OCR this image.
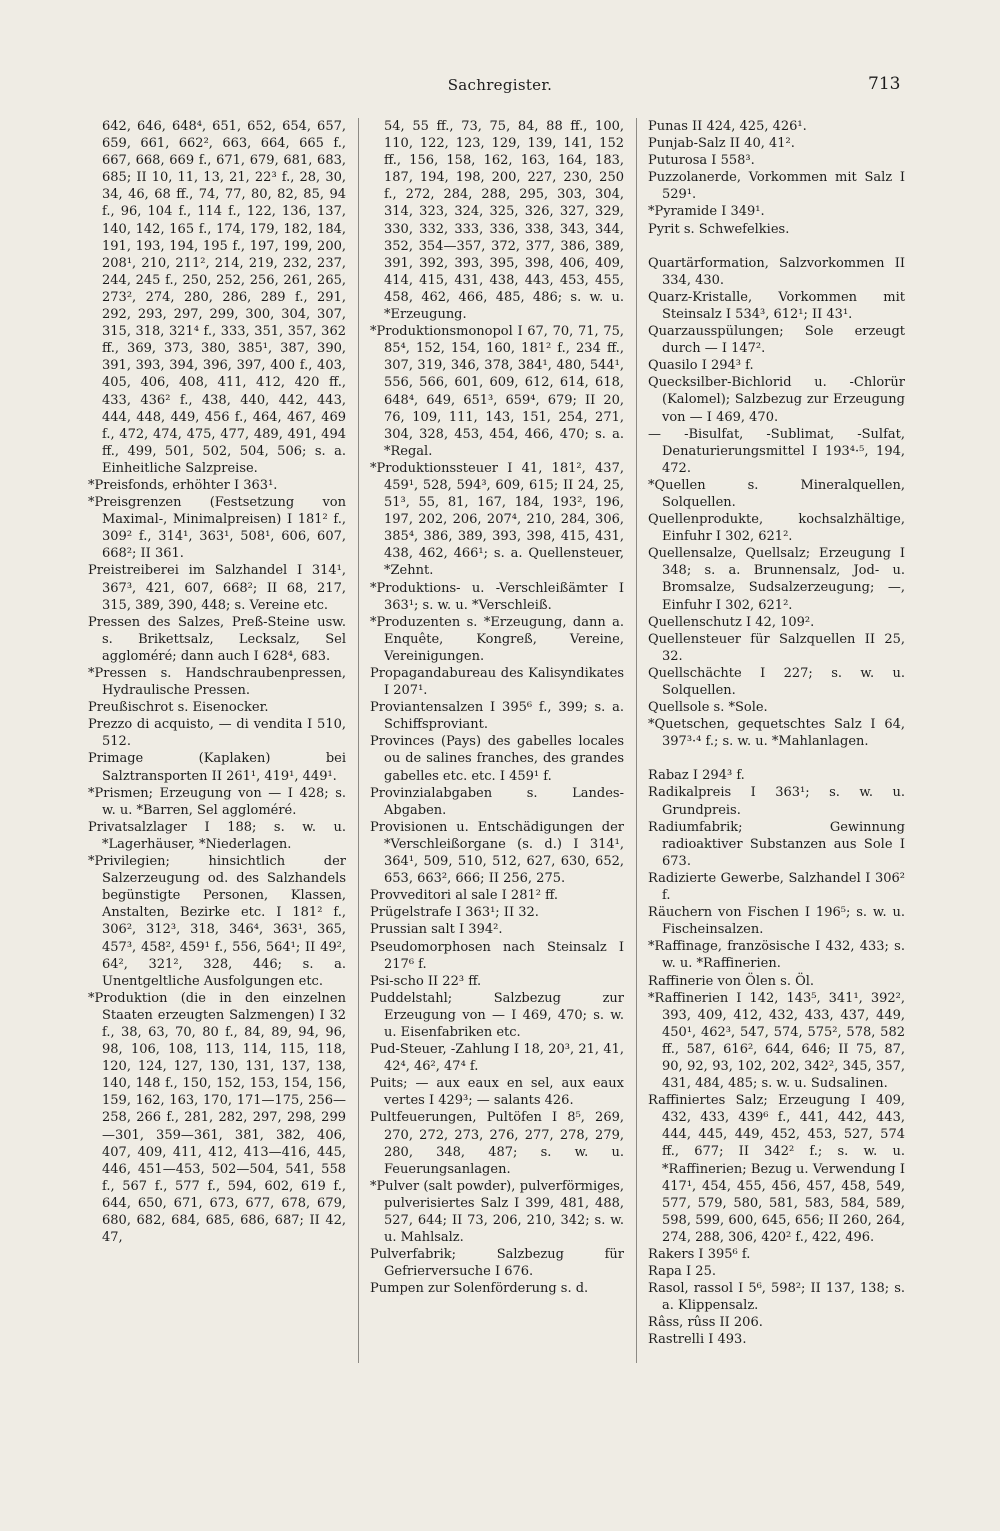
Sachregister.	713

642, 646, 648⁴, 651, 652, 654, 657, 659, 661, 662², 663, 664, 665 f., 667, 668, 669 f., 671, 679, 681, 683, 685; II 10, 11, 13, 21, 22³ f., 28, 30, 34, 46, 68 ff., 74, 77, 80, 82, 85, 94 f., 96, 104 f., 114 f., 122, 136, 137, 140, 142, 165 f., 174, 179, 182, 184, 191, 193, 194, 195 f., 197, 199, 200, 208¹, 210, 211², 214, 219, 232, 237, 244, 245 f., 250, 252, 256, 261, 265, 273², 274, 280, 286, 289 f., 291, 292, 293, 297, 299, 300, 304, 307, 315, 318, 321⁴ f., 333, 351, 357, 362 ff., 369, 373, 380, 385¹, 387, 390, 391, 393, 394, 396, 397, 400 f., 403, 405, 406, 408, 411, 412, 420 ff., 433, 436² f., 438, 440, 442, 443, 444, 448, 449, 456 f., 464, 467, 469 f., 472, 474, 475, 477, 489, 491, 494 ff., 499, 501, 502, 504, 506; s. a. Einheitliche Salzpreise.

*Preisfonds, erhöhter I 363¹.

*Preisgrenzen (Festsetzung von Maximal-, Minimalpreisen) I 181² f., 309² f., 314¹, 363¹, 508¹, 606, 607, 668²; II 361.

Preistreiberei im Salzhandel I 314¹, 367³, 421, 607, 668²; II 68, 217, 315, 389, 390, 448; s. Vereine etc.

Pressen des Salzes, Preß-Steine usw. s. Brikettsalz, Lecksalz, Sel aggloméré; dann auch I 628⁴, 683.

*Pressen s. Handschraubenpressen, Hydraulische Pressen.

Preußischrot s. Eisenocker.

Prezzo di acquisto, — di vendita I 510, 512.

Primage (Kaplaken) bei Salztransporten II 261¹, 419¹, 449¹.

*Prismen; Erzeugung von — I 428; s. w. u. *Barren, Sel aggloméré.

Privatsalzlager I 188; s. w. u. *Lagerhäuser, *Niederlagen.

*Privilegien; hinsichtlich der Salzerzeugung od. des Salzhandels begünstigte Personen, Klassen, Anstalten, Bezirke etc. I 181² f., 306², 312³, 318, 346⁴, 363¹, 365, 457³, 458², 459¹ f., 556, 564¹; II 49², 64², 321², 328, 446; s. a. Unentgeltliche Ausfolgungen etc.

*Produktion (die in den einzelnen Staaten erzeugten Salzmengen) I 32 f., 38, 63, 70, 80 f., 84, 89, 94, 96, 98, 106, 108, 113, 114, 115, 118, 120, 124, 127, 130, 131, 137, 138, 140, 148 f., 150, 152, 153, 154, 156, 159, 162, 163, 170, 171—175, 256—258, 266 f., 281, 282, 297, 298, 299—301, 359—361, 381, 382, 406, 407, 409, 411, 412, 413—416, 445, 446, 451—453, 502—504, 541, 558 f., 567 f., 577 f., 594, 602, 619 f., 644, 650, 671, 673, 677, 678, 679, 680, 682, 684, 685, 686, 687; II 42, 47,

54, 55 ff., 73, 75, 84, 88 ff., 100, 110, 122, 123, 129, 139, 141, 152 ff., 156, 158, 162, 163, 164, 183, 187, 194, 198, 200, 227, 230, 250 f., 272, 284, 288, 295, 303, 304, 314, 323, 324, 325, 326, 327, 329, 330, 332, 333, 336, 338, 343, 344, 352, 354—357, 372, 377, 386, 389, 391, 392, 393, 395, 398, 406, 409, 414, 415, 431, 438, 443, 453, 455, 458, 462, 466, 485, 486; s. w. u. *Erzeugung.

*Produktionsmonopol I 67, 70, 71, 75, 85⁴, 152, 154, 160, 181² f., 234 ff., 307, 319, 346, 378, 384¹, 480, 544¹, 556, 566, 601, 609, 612, 614, 618, 648⁴, 649, 651³, 659⁴, 679; II 20, 76, 109, 111, 143, 151, 254, 271, 304, 328, 453, 454, 466, 470; s. a. *Regal.

*Produktionssteuer I 41, 181², 437, 459¹, 528, 594³, 609, 615; II 24, 25, 51³, 55, 81, 167, 184, 193², 196, 197, 202, 206, 207⁴, 210, 284, 306, 385⁴, 386, 389, 393, 398, 415, 431, 438, 462, 466¹; s. a. Quellensteuer, *Zehnt.

*Produktions- u. -Verschleißämter I 363¹; s. w. u. *Verschleiß.

*Produzenten s. *Erzeugung, dann a. Enquête, Kongreß, Vereine, Vereinigungen.

Propagandabureau des Kalisyndikates I 207¹.

Proviantensalzen I 395⁶ f., 399; s. a. Schiffsproviant.

Provinces (Pays) des gabelles locales ou de salines franches, des grandes gabelles etc. etc. I 459¹ f.

Provinzialabgaben s. Landes-Abgaben.

Provisionen u. Entschädigungen der *Verschleißorgane (s. d.) I 314¹, 364¹, 509, 510, 512, 627, 630, 652, 653, 663², 666; II 256, 275.

Provveditori al sale I 281² ff.

Prügelstrafe I 363¹; II 32.

Prussian salt I 394².

Pseudomorphosen nach Steinsalz I 217⁶ f.

Psi-scho II 22³ ff.

Puddelstahl; Salzbezug zur Erzeugung von — I 469, 470; s. w. u. Eisenfabriken etc.

Pud-Steuer, -Zahlung I 18, 20³, 21, 41, 42⁴, 46², 47⁴ f.

Puits; — aux eaux en sel, aux eaux vertes I 429³; — salants 426.

Pultfeuerungen, Pultöfen I 8⁵, 269, 270, 272, 273, 276, 277, 278, 279, 280, 348, 487; s. w. u. Feuerungsanlagen.

*Pulver (salt powder), pulverförmiges, pulverisiertes Salz I 399, 481, 488, 527, 644; II 73, 206, 210, 342; s. w. u. Mahlsalz.

Pulverfabrik; Salzbezug für Gefrierversuche I 676.

Pumpen zur Solenförderung s. d.

Punas II 424, 425, 426¹.

Punjab-Salz II 40, 41².

Puturosa I 558³.

Puzzolanerde, Vorkommen mit Salz I 529¹.

*Pyramide I 349¹.

Pyrit s. Schwefelkies.

Quartärformation, Salzvorkommen II 334, 430.

Quarz-Kristalle, Vorkommen mit Steinsalz I 534³, 612¹; II 43¹.

Quarzausspülungen; Sole erzeugt durch — I 147².

Quasilo I 294³ f.

Quecksilber-Bichlorid u. -Chlorür (Kalomel); Salzbezug zur Erzeugung von — I 469, 470.

— -Bisulfat, -Sublimat, -Sulfat, Denaturierungsmittel I 193⁴·⁵, 194, 472.

*Quellen s. Mineralquellen, Solquellen.

Quellenprodukte, kochsalzhältige, Einfuhr I 302, 621².

Quellensalze, Quellsalz; Erzeugung I 348; s. a. Brunnensalz, Jod- u. Bromsalze, Sudsalzerzeugung; —, Einfuhr I 302, 621².

Quellenschutz I 42, 109².

Quellensteuer für Salzquellen II 25, 32.

Quellschächte I 227; s. w. u. Solquellen.

Quellsole s. *Sole.

*Quetschen, gequetschtes Salz I 64, 397³·⁴ f.; s. w. u. *Mahlanlagen.

Rabaz I 294³ f.

Radikalpreis I 363¹; s. w. u. Grundpreis.

Radiumfabrik; Gewinnung radioaktiver Substanzen aus Sole I 673.

Radizierte Gewerbe, Salzhandel I 306² f.

Räuchern von Fischen I 196⁵; s. w. u. Fischeinsalzen.

*Raffinage, französische I 432, 433; s. w. u. *Raffinerien.

Raffinerie von Ölen s. Öl.

*Raffinerien I 142, 143⁵, 341¹, 392², 393, 409, 412, 432, 433, 437, 449, 450¹, 462³, 547, 574, 575², 578, 582 ff., 587, 616², 644, 646; II 75, 87, 90, 92, 93, 102, 202, 342², 345, 357, 431, 484, 485; s. w. u. Sudsalinen.

Raffiniertes Salz; Erzeugung I 409, 432, 433, 439⁶ f., 441, 442, 443, 444, 445, 449, 452, 453, 527, 574 ff., 677; II 342² f.; s. w. u. *Raffinerien; Bezug u. Verwendung I 417¹, 454, 455, 456, 457, 458, 549, 577, 579, 580, 581, 583, 584, 589, 598, 599, 600, 645, 656; II 260, 264, 274, 288, 306, 420² f., 422, 496.

Rakers I 395⁶ f.

Rapa I 25.

Rasol, rassol I 5⁶, 598²; II 137, 138; s. a. Klippensalz.

Râss, rûss II 206.

Rastrelli I 493.
